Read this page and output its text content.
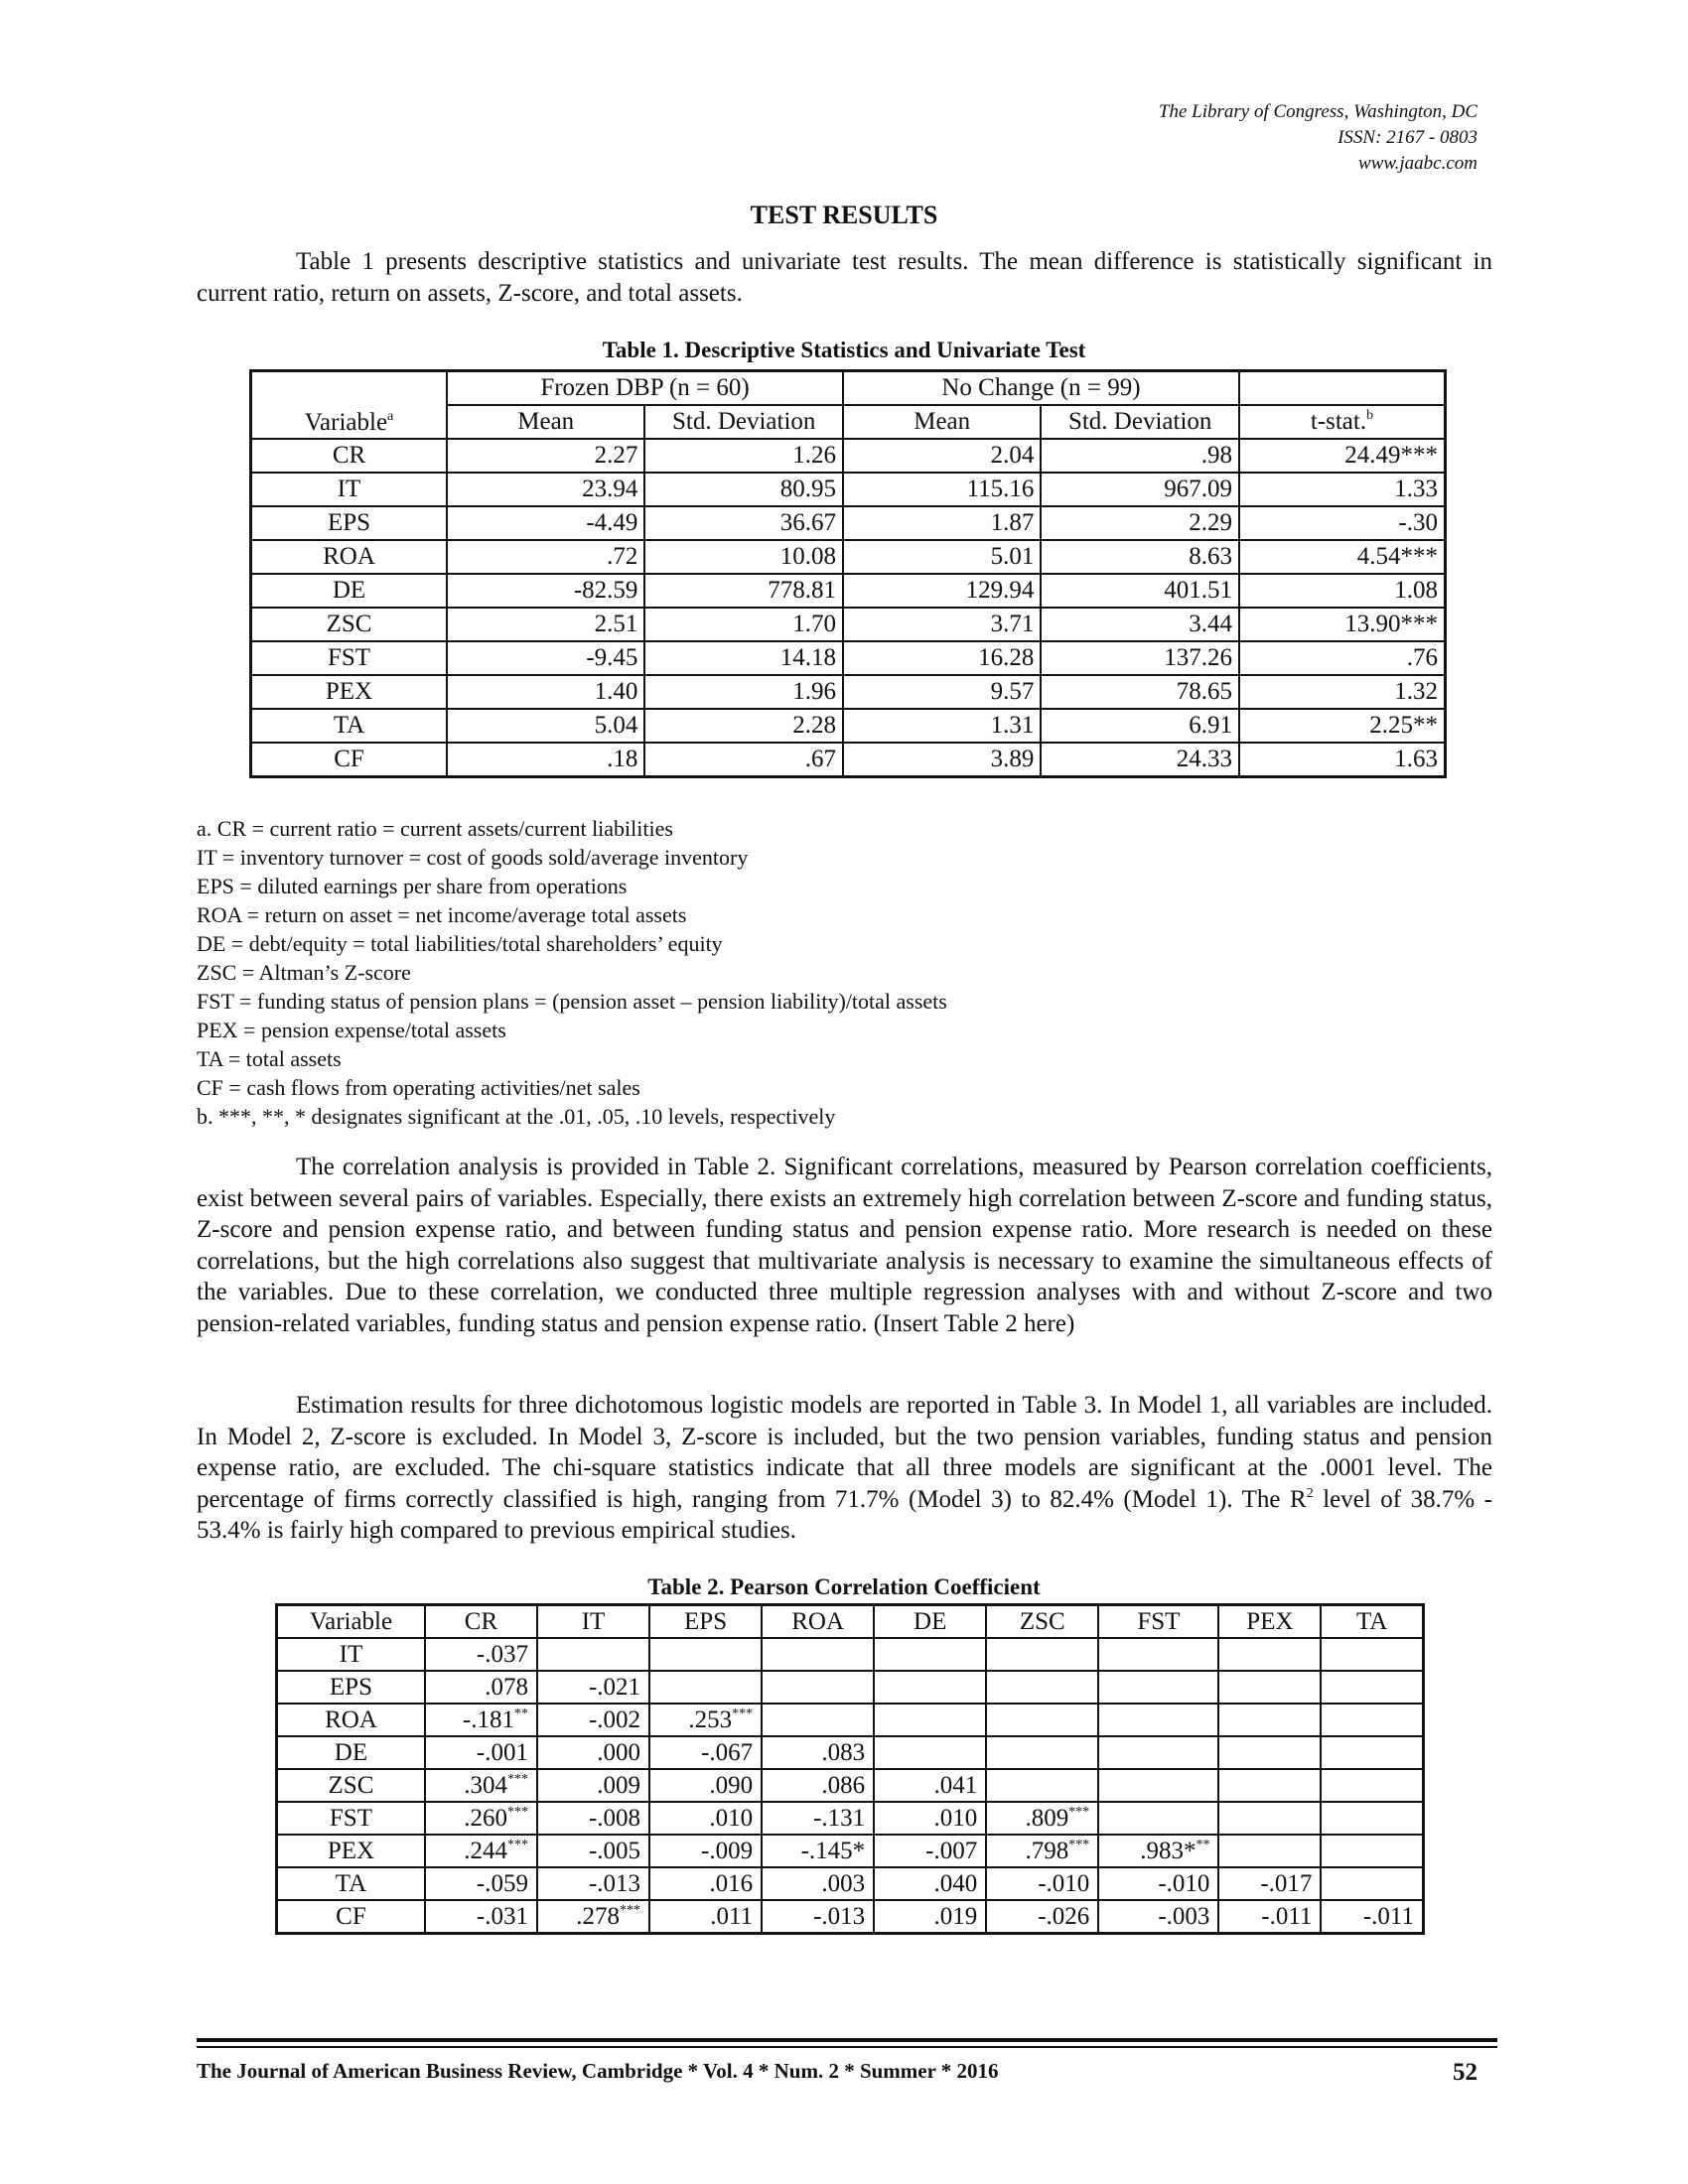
The Library of Congress, Washington, DC
ISSN: 2167 - 0803
www.jaabc.com
TEST RESULTS

Table 1 presents descriptive statistics and univariate test results. The mean difference is statistically significant in current ratio, return on assets, Z-score, and total assets.

Table 1. Descriptive Statistics and Univariate Test
Variable$^a$	Frozen DBP (n = 60)		No Change (n = 99)		
	Mean	Std. Deviation	Mean	Std. Deviation	t-stat.$^b$
CR	2.27	1.26	2.04	.98	24.49***
IT	23.94	80.95	115.16	967.09	1.33
EPS	-4.49	36.67	1.87	2.29	-.30
ROA	.72	10.08	5.01	8.63	4.54***
DE	-82.59	778.81	129.94	401.51	1.08
ZSC	2.51	1.70	3.71	3.44	13.90***
FST	-9.45	14.18	16.28	137.26	.76
PEX	1.40	1.96	9.57	78.65	1.32
TA	5.04	2.28	1.31	6.91	2.25**
CF	.18	.67	3.89	24.33	1.63
a. CR = current ratio = current assets/current liabilities
IT = inventory turnover = cost of goods sold/average inventory
EPS = diluted earnings per share from operations
ROA = return on asset = net income/average total assets
DE = debt/equity = total liabilities/total shareholders’ equity
ZSC = Altman’s Z-score
FST = funding status of pension plans = (pension asset – pension liability)/total assets
PEX = pension expense/total assets
TA = total assets
CF = cash flows from operating activities/net sales
b. ***, **, * designates significant at the .01, .05, .10 levels, respectively

The correlation analysis is provided in Table 2. Significant correlations, measured by Pearson correlation coefficients, exist between several pairs of variables. Especially, there exists an extremely high correlation between Z-score and funding status, Z-score and pension expense ratio, and between funding status and pension expense ratio. More research is needed on these correlations, but the high correlations also suggest that multivariate analysis is necessary to examine the simultaneous effects of the variables. Due to these correlation, we conducted three multiple regression analyses with and without Z-score and two pension-related variables, funding status and pension expense ratio. (Insert Table 2 here)

Estimation results for three dichotomous logistic models are reported in Table 3. In Model 1, all variables are included. In Model 2, Z-score is excluded. In Model 3, Z-score is included, but the two pension variables, funding status and pension expense ratio, are excluded. The chi-square statistics indicate that all three models are significant at the .0001 level. The percentage of firms correctly classified is high, ranging from 71.7% (Model 3) to 82.4% (Model 1). The $R^2$ level of 38.7% - 53.4% is fairly high compared to previous empirical studies.

Table 2. Pearson Correlation Coefficient
Variable	CR	IT	EPS	ROA	DE	ZSC	FST	PEX	TA
IT	-.037								
EPS	.078	-.021							
ROA	-.181**	-.002	.253***						
DE	-.001	.000	-.067	.083					
ZSC	.304***	.009	.090	.086	.041				
FST	.260***	-.008	.010	-.131	.010	.809***			
PEX	.244***	-.005	-.009	-.145*	-.007	.798***	.983***		
TA	-.059	-.013	.016	.003	.040	-.010	-.010	-.017	
CF	-.031	.278***	.011	-.013	.019	-.026	-.003	-.011	-.011
The Journal of American Business Review, Cambridge * Vol. 4 * Num. 2 * Summer * 2016	52
